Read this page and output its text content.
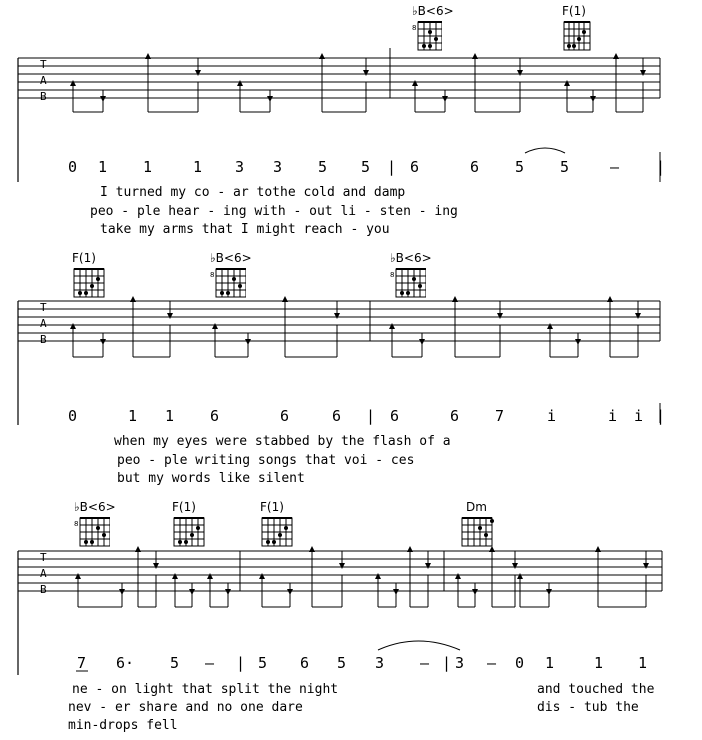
T
A
B
♭B<6>
8
F(1)
0 1 1	1 3 3 5 5 | 6	6 5 5	– |
I turned my co - ar tothe cold and damp
peo - ple hear - ing with - out li - sten - ing
take my arms that I might reach - you
T
A
B
F(1)	♭B<6>
8
♭B<6>
8
0	1 1 6	6	6 | 6	6 7	i	i i |
when my eyes were stabbed by the flash of a
peo - ple writing songs that voi - ces
but my words like silent
T
A
B
♭B<6>
8
F(1)	F(1)	Dm
7 6· 5 – | 5 6 5 3 – | 3 – 0 1	1 1
ne - on light that split the night
nev - er share and no one dare
min-drops fell
and touched the
dis - tub the
